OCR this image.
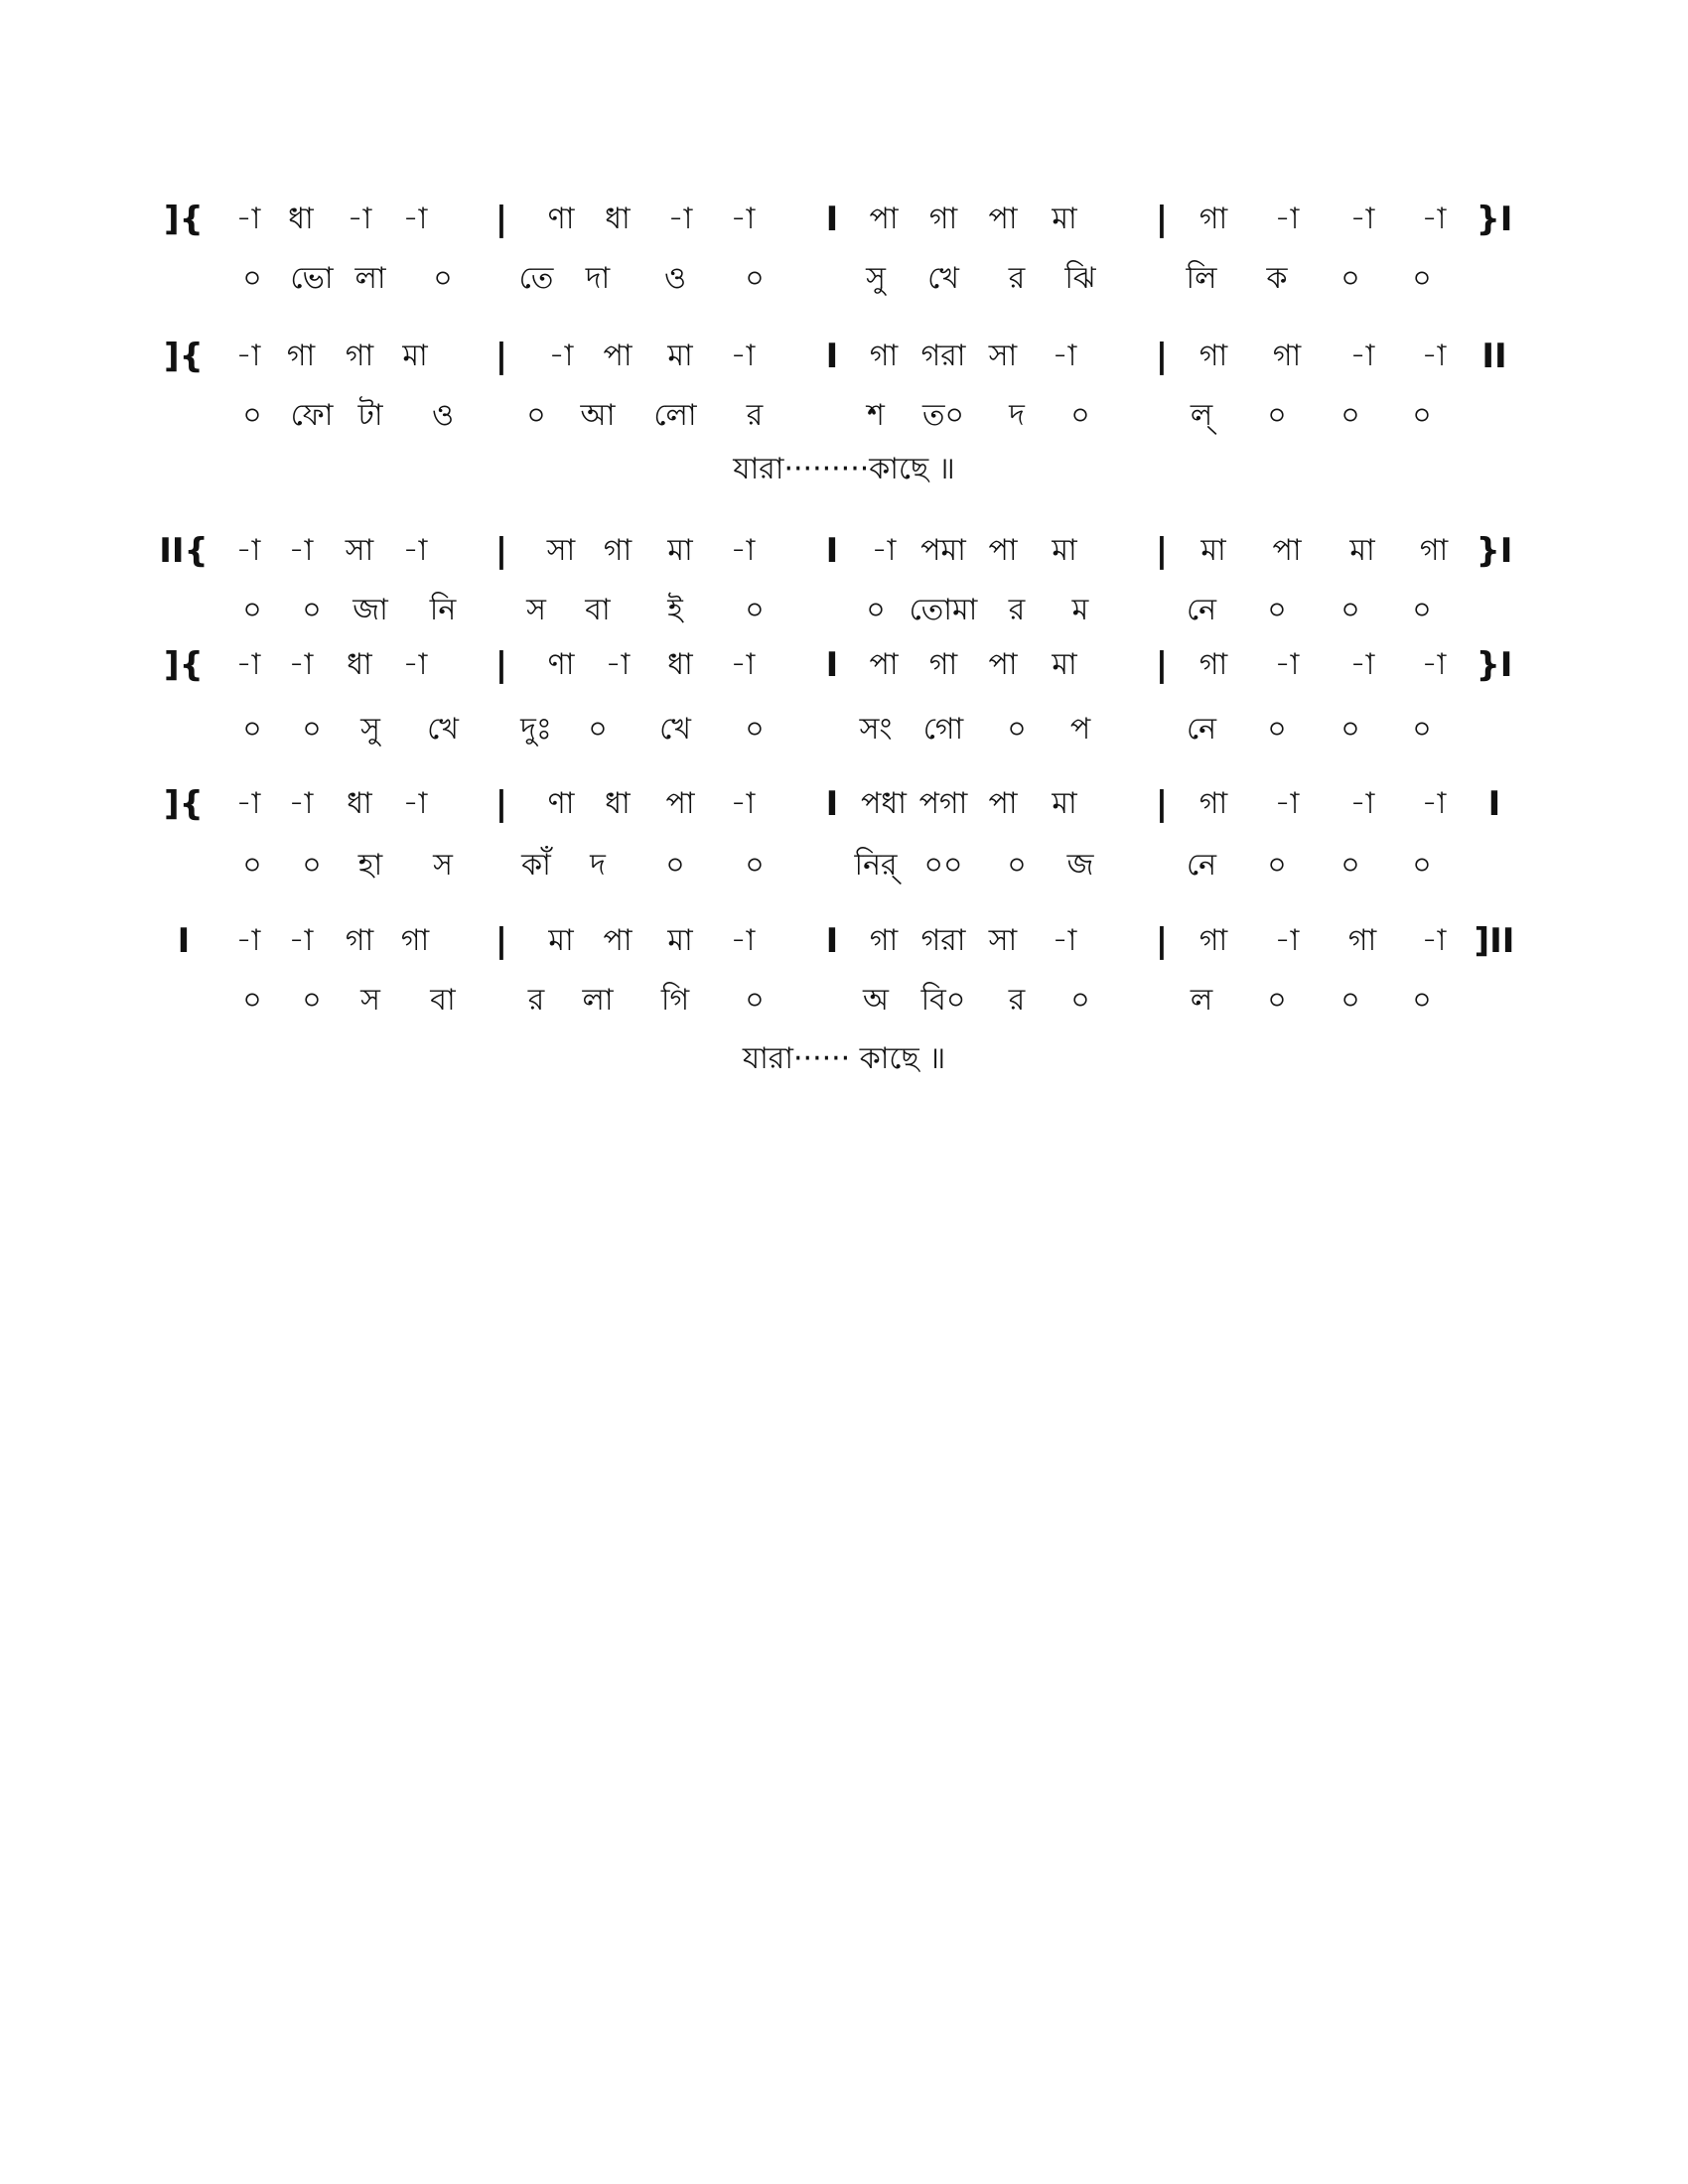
]{ -া ধা -া -া | ণা ধা -া -া I পা গা পা মা | গা -া -া -া }I
০ ভো লা ০ তে দা ও ০	সু খে র ঝি	লি ক ০ ০
]{ -া গা গা মা | -া পা মা -া I গা গরা সা -া | গা গা -া -া II
০ ফো টা ও ০ আ লো র	শ ত০ দ ০	ল্ ০ ০ ০
II{ -া -া সা -া | সা গা মা -া I -া পমা পা মা | মা পা মা গা }I
০ ০ জা নি স বা ই ০	০ তোমা র ম	নে ০ ০ ০
]{ -া -া ধা -া | ণা -া ধা -া I পা গা পা মা | গা -া -া -া }I
০ ০ সু খে দুঃ ০ খে ০	সং গো ০ প	নে ০ ০ ০
]{ -া -া ধা -া | ণা ধা পা -া I পধা পগা পা মা | গা -া -া -া I
০ ০ হা স কাঁ দ ০ ০	নির্ ০০ ০ জ	নে ০ ০ ০
I -া -া গা গা | মা পা মা -া I গা গরা সা -া | গা -া গা -া ]II
০ ০ স বা র লা গি ০	অ বি০ র ০	ল ০ ০ ০
যারা·········কাছে ॥
যারা······ কাছে ॥
